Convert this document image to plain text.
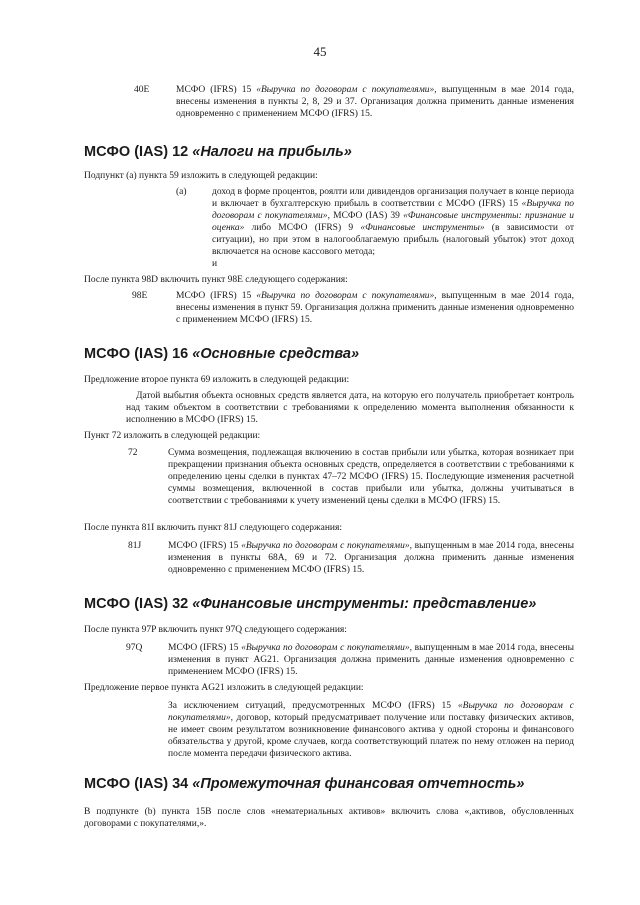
45
40E	МСФО (IFRS) 15 «Выручка по договорам с покупателями», выпущенным в мае 2014 года, внесены изменения в пункты 2, 8, 29 и 37. Организация должна применить данные изменения одновременно с применением МСФО (IFRS) 15.
МСФО (IAS) 12 «Налоги на прибыль»
Подпункт (a) пункта 59 изложить в следующей редакции:
(a)	доход в форме процентов, роялти или дивидендов организация получает в конце периода и включает в бухгалтерскую прибыль в соответствии с МСФО (IFRS) 15 «Выручка по договорам с покупателями», МСФО (IAS) 39 «Финансовые инструменты: признание и оценка» либо МСФО (IFRS) 9 «Финансовые инструменты» (в зависимости от ситуации), но при этом в налогооблагаемую прибыль (налоговый убыток) этот доход включается на основе кассового метода;
и
После пункта 98D включить пункт 98E следующего содержания:
98E	МСФО (IFRS) 15 «Выручка по договорам с покупателями», выпущенным в мае 2014 года, внесены изменения в пункт 59. Организация должна применить данные изменения одновременно с применением МСФО (IFRS) 15.
МСФО (IAS) 16 «Основные средства»
Предложение второе пункта 69 изложить в следующей редакции:
Датой выбытия объекта основных средств является дата, на которую его получатель приобретает контроль над таким объектом в соответствии с требованиями к определению момента выполнения обязанности к исполнению в МСФО (IFRS) 15.
Пункт 72 изложить в следующей редакции:
72	Сумма возмещения, подлежащая включению в состав прибыли или убытка, которая возникает при прекращении признания объекта основных средств, определяется в соответствии с требованиями к определению цены сделки в пунктах 47–72 МСФО (IFRS) 15. Последующие изменения расчетной суммы возмещения, включенной в состав прибыли или убытка, должны учитываться в соответствии с требованиями к учету изменений цены сделки в МСФО (IFRS) 15.
После пункта 81I включить пункт 81J следующего содержания:
81J	МСФО (IFRS) 15 «Выручка по договорам с покупателями», выпущенным в мае 2014 года, внесены изменения в пункты 68A, 69 и 72. Организация должна применить данные изменения одновременно с применением МСФО (IFRS) 15.
МСФО (IAS) 32 «Финансовые инструменты: представление»
После пункта 97P включить пункт 97Q следующего содержания:
97Q	МСФО (IFRS) 15 «Выручка по договорам с покупателями», выпущенным в мае 2014 года, внесены изменения в пункт AG21. Организация должна применить данные изменения одновременно с применением МСФО (IFRS) 15.
Предложение первое пункта AG21 изложить в следующей редакции:
За исключением ситуаций, предусмотренных МСФО (IFRS) 15 «Выручка по договорам с покупателями», договор, который предусматривает получение или поставку физических активов, не имеет своим результатом возникновение финансового актива у одной стороны и финансового обязательства у другой, кроме случаев, когда соответствующий платеж по нему отложен на период после момента передачи физического актива.
МСФО (IAS) 34 «Промежуточная финансовая отчетность»
В подпункте (b) пункта 15B после слов «нематериальных активов» включить слова «,активов, обусловленных договорами с покупателями,».
